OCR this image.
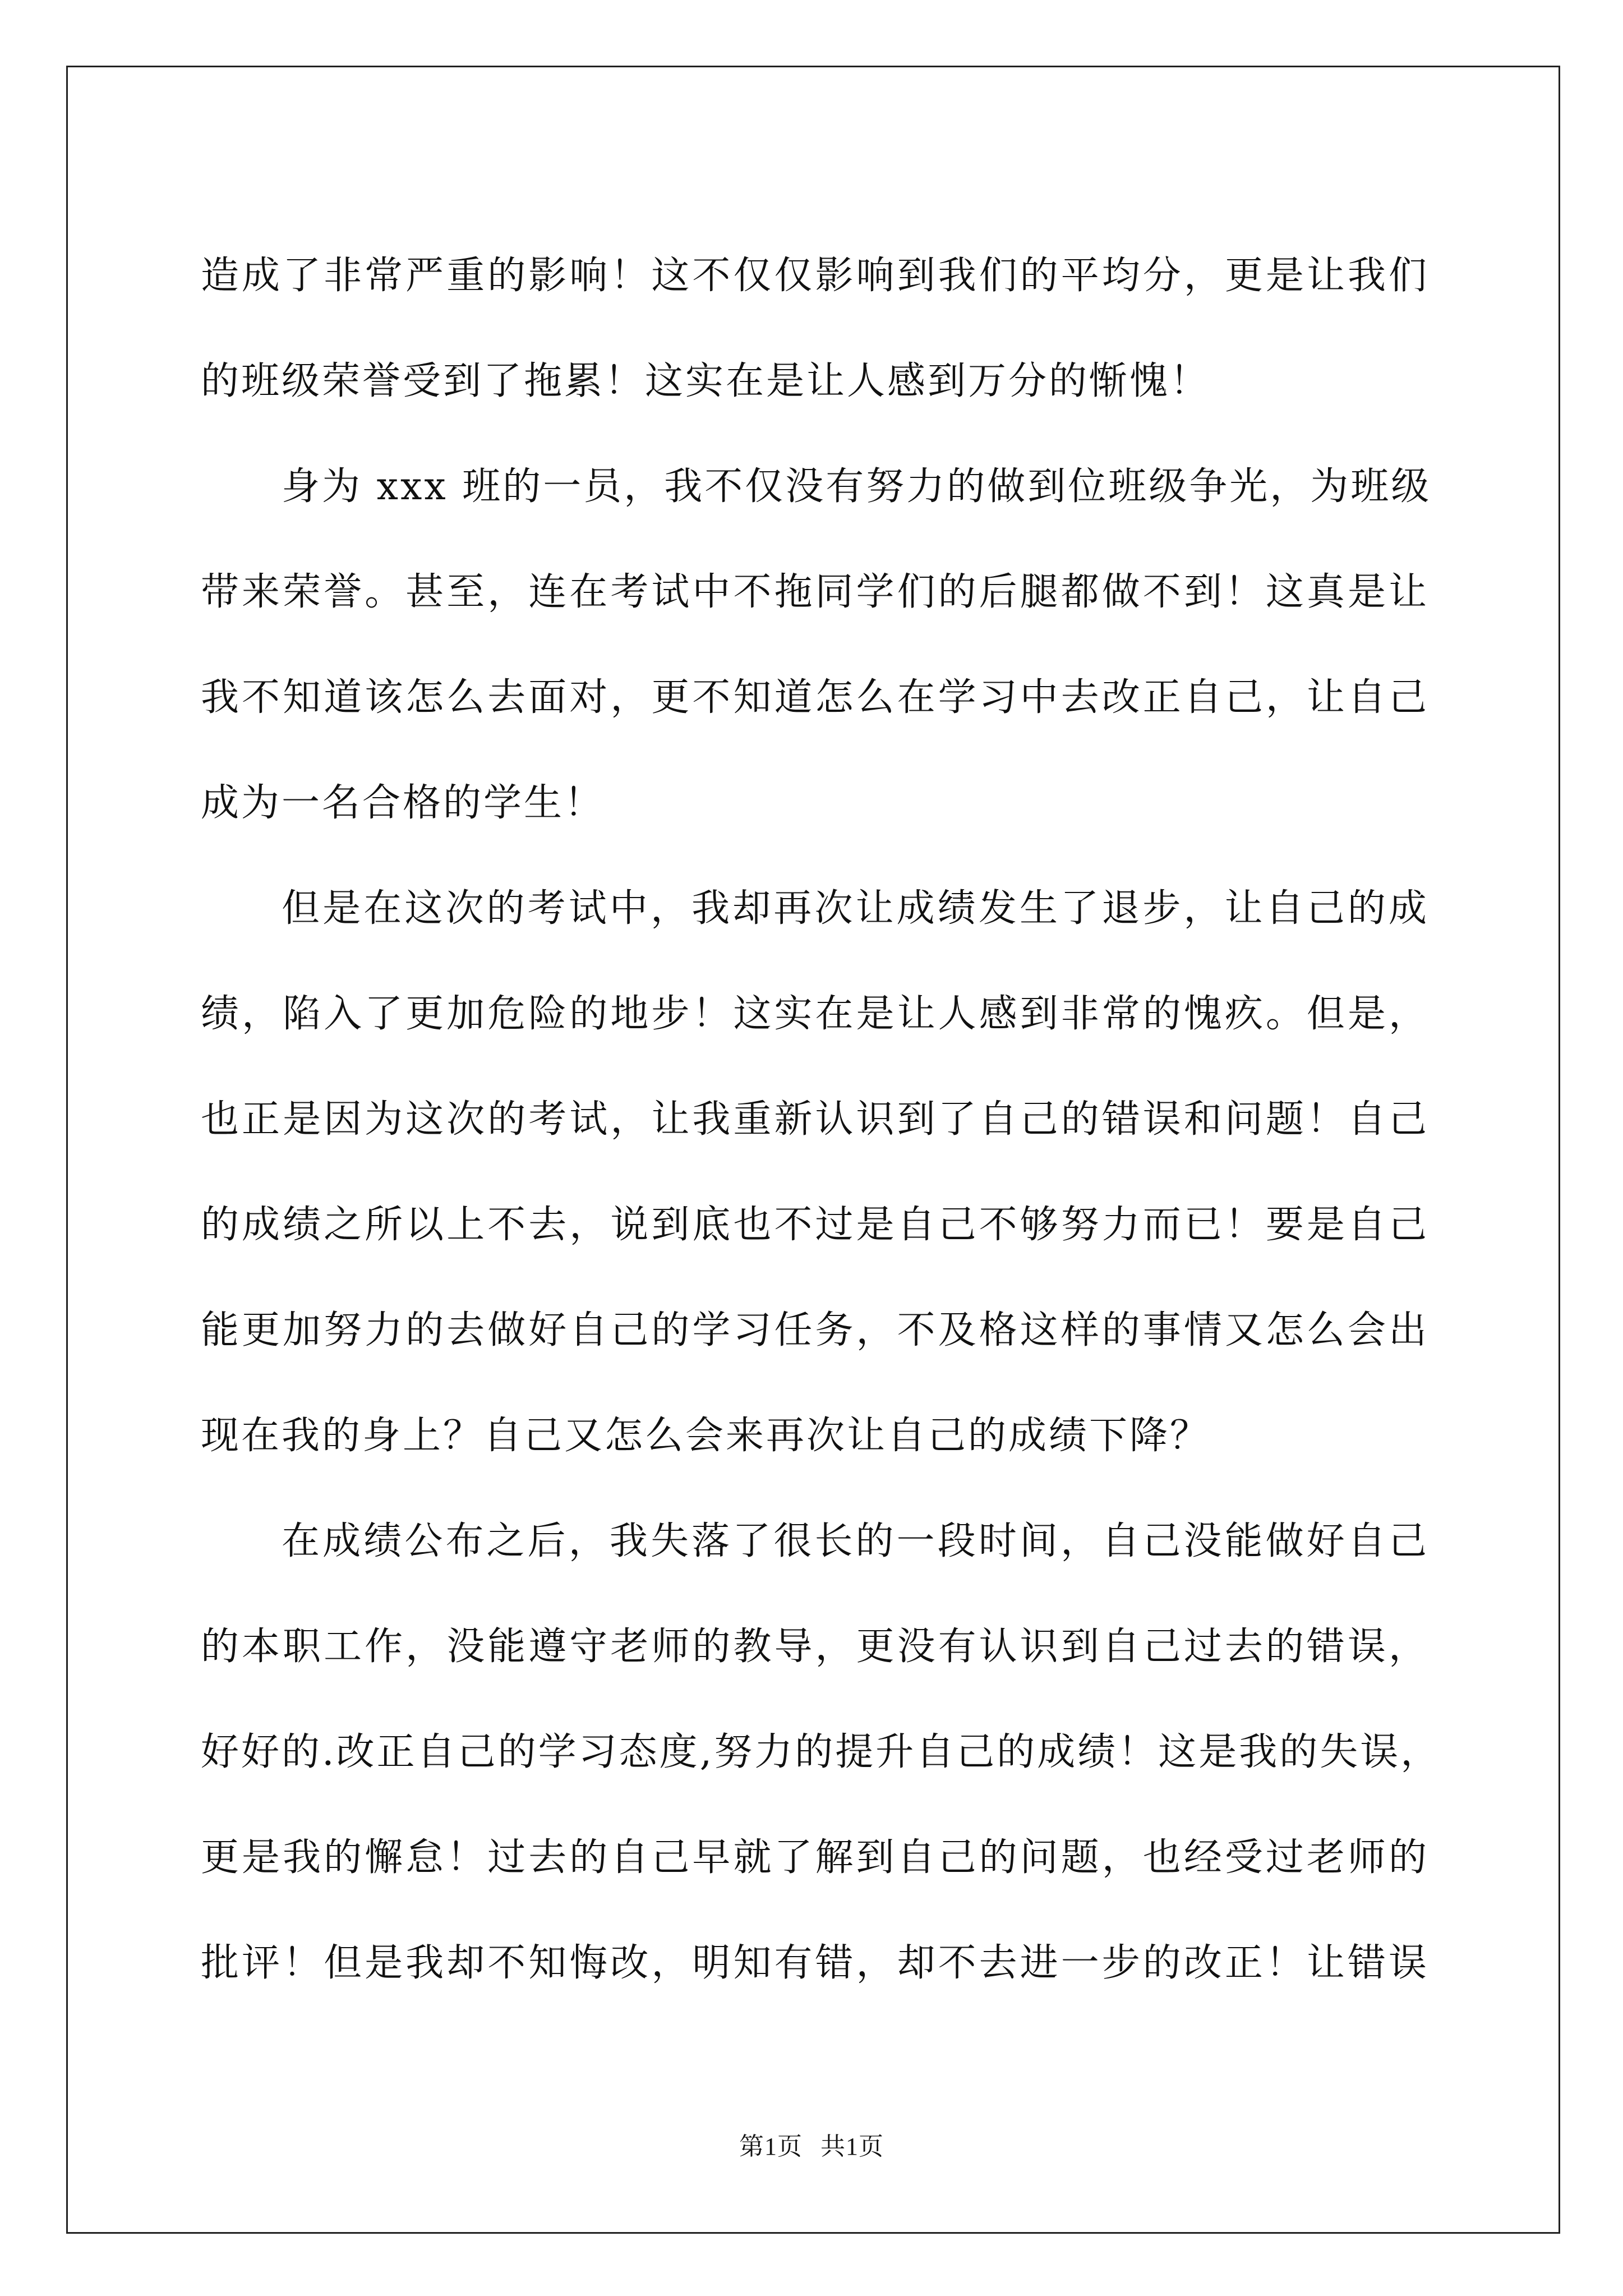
造成了非常严重的影响！这不仅仅影响到我们的平均分，更是让我们
的班级荣誉受到了拖累！这实在是让人感到万分的惭愧！
身为 xxx 班的一员，我不仅没有努力的做到位班级争光，为班级
带来荣誉。甚至，连在考试中不拖同学们的后腿都做不到！这真是让
我不知道该怎么去面对，更不知道怎么在学习中去改正自己，让自己
成为一名合格的学生！
但是在这次的考试中，我却再次让成绩发生了退步，让自己的成
绩，陷入了更加危险的地步！这实在是让人感到非常的愧疚。但是，
也正是因为这次的考试，让我重新认识到了自己的错误和问题！自己
的成绩之所以上不去，说到底也不过是自己不够努力而已！要是自己
能更加努力的去做好自己的学习任务，不及格这样的事情又怎么会出
现在我的身上？自己又怎么会来再次让自己的成绩下降？
在成绩公布之后，我失落了很长的一段时间，自己没能做好自己
的本职工作，没能遵守老师的教导，更没有认识到自己过去的错误，
好好的.改正自己的学习态度,努力的提升自己的成绩！这是我的失误，
更是我的懈怠！过去的自己早就了解到自己的问题，也经受过老师的
批评！但是我却不知悔改，明知有错，却不去进一步的改正！让错误
第1页 共1页
